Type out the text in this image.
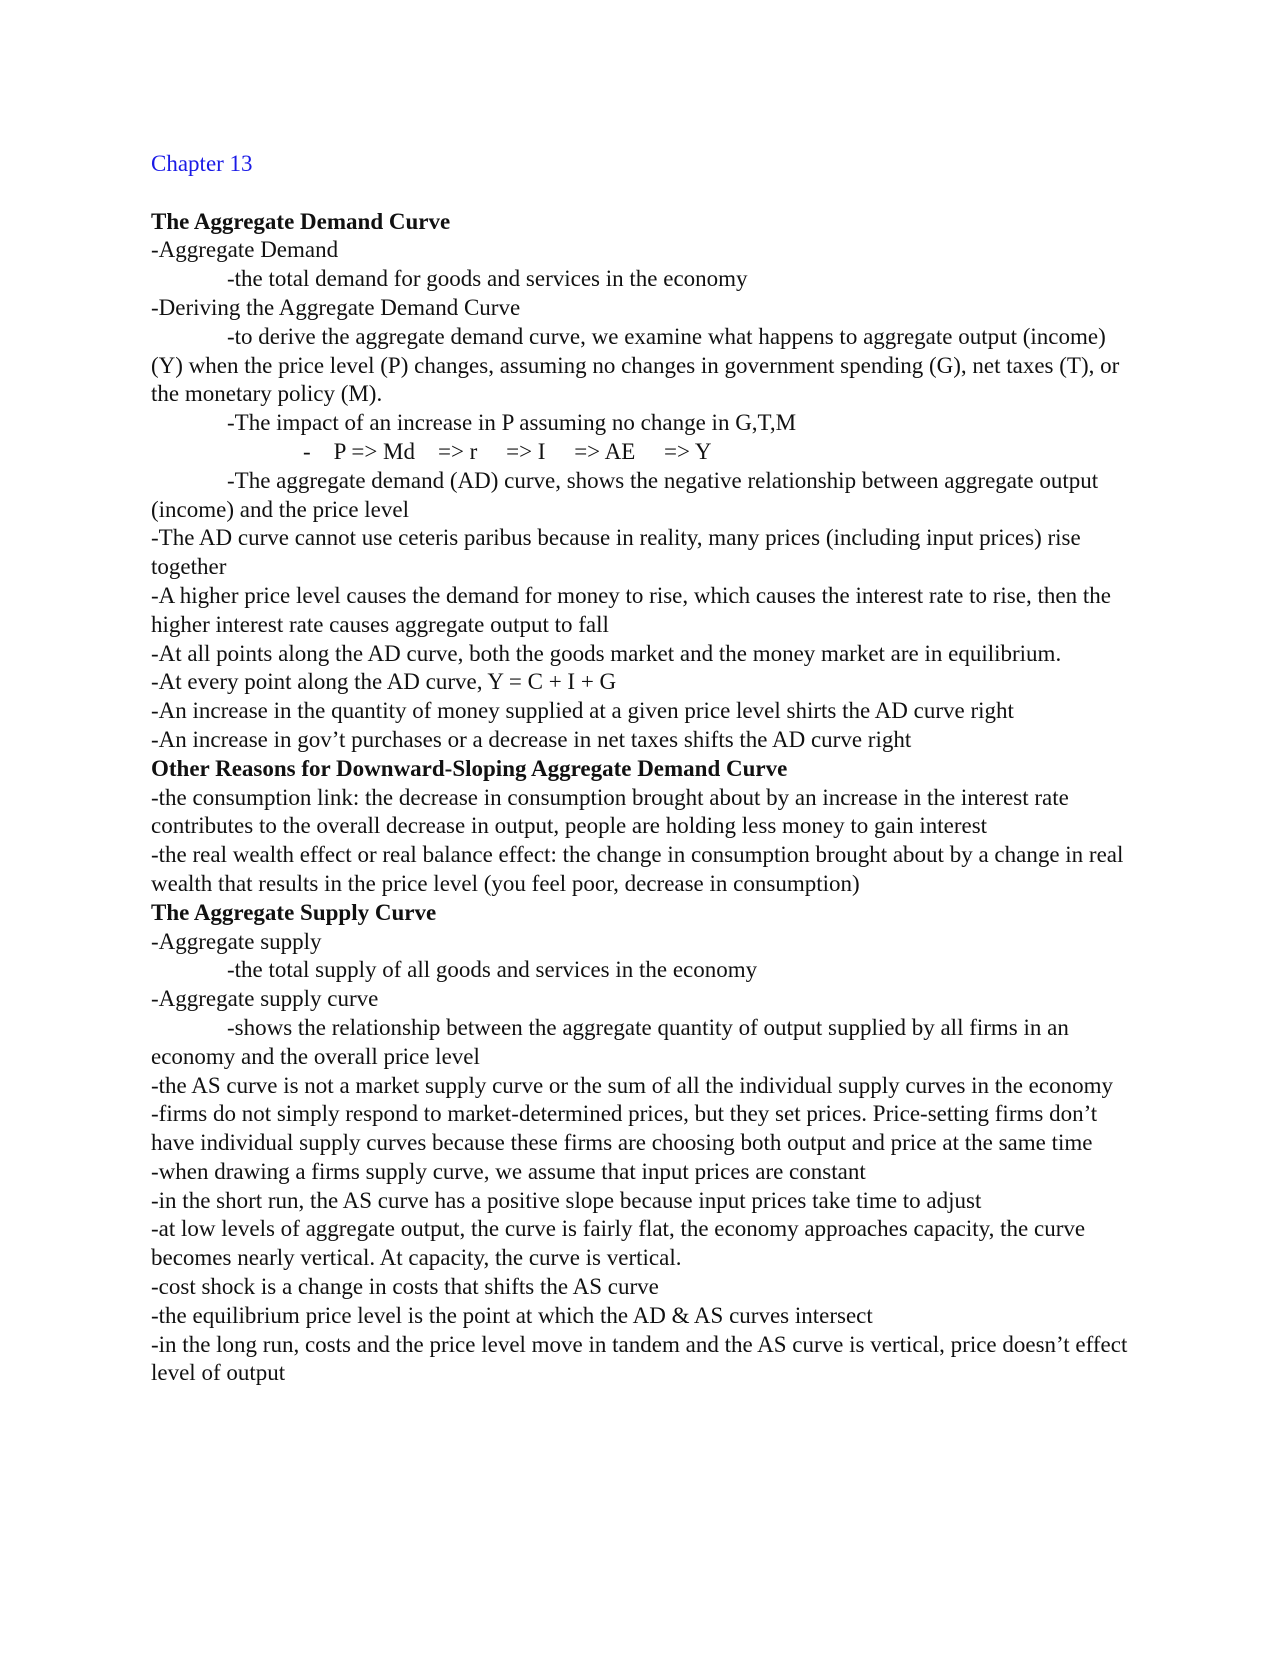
Chapter 13

The Aggregate Demand Curve

-Aggregate Demand

-the total demand for goods and services in the economy

-Deriving the Aggregate Demand Curve

-to derive the aggregate demand curve, we examine what happens to aggregate output (income) (Y) when the price level (P) changes, assuming no changes in government spending (G), net taxes (T), or the monetary policy (M).

-The impact of an increase in P assuming no change in G,T,M

-    P => Md    => r     => I     => AE     => Y

-The aggregate demand (AD) curve, shows the negative relationship between aggregate output (income) and the price level

-The AD curve cannot use ceteris paribus because in reality, many prices (including input prices) rise together

-A higher price level causes the demand for money to rise, which causes the interest rate to rise, then the higher interest rate causes aggregate output to fall

-At all points along the AD curve, both the goods market and the money market are in equilibrium.

-At every point along the AD curve, Y = C + I + G

-An increase in the quantity of money supplied at a given price level shirts the AD curve right

-An increase in gov’t purchases or a decrease in net taxes shifts the AD curve right

Other Reasons for Downward-Sloping Aggregate Demand Curve

-the consumption link: the decrease in consumption brought about by an increase in the interest rate contributes to the overall decrease in output, people are holding less money to gain interest

-the real wealth effect or real balance effect: the change in consumption brought about by a change in real wealth that results in the price level (you feel poor, decrease in consumption)

The Aggregate Supply Curve

-Aggregate supply

-the total supply of all goods and services in the economy

-Aggregate supply curve

-shows the relationship between the aggregate quantity of output supplied by all firms in an economy and the overall price level

-the AS curve is not a market supply curve or the sum of all the individual supply curves in the economy

-firms do not simply respond to market-determined prices, but they set prices. Price-setting firms don’t have individual supply curves because these firms are choosing both output and price at the same time

-when drawing a firms supply curve, we assume that input prices are constant

-in the short run, the AS curve has a positive slope because input prices take time to adjust

-at low levels of aggregate output, the curve is fairly flat, the economy approaches capacity, the curve becomes nearly vertical. At capacity, the curve is vertical.

-cost shock is a change in costs that shifts the AS curve

-the equilibrium price level is the point at which the AD & AS curves intersect

-in the long run, costs and the price level move in tandem and the AS curve is vertical, price doesn’t effect level of output
